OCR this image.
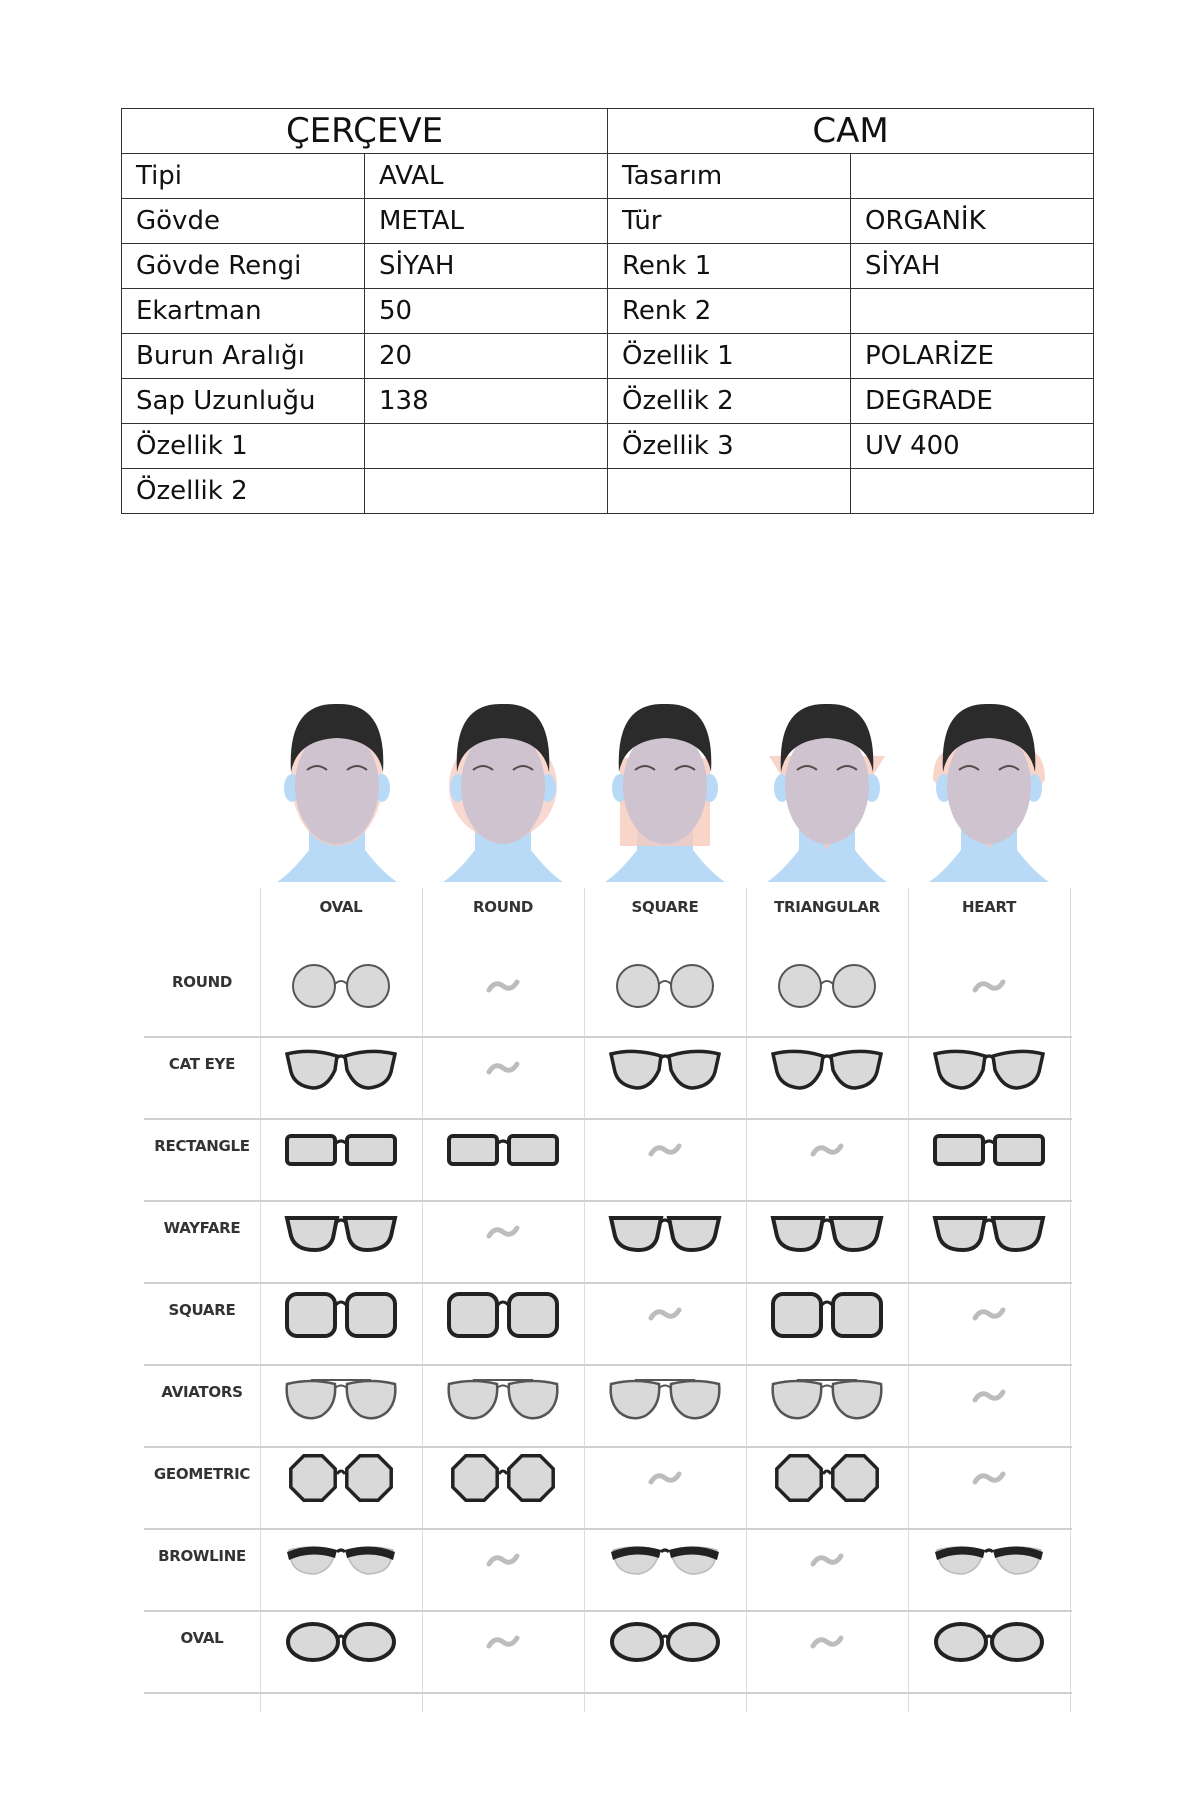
ÇERÇEVE		CAM	
Tipi	AVAL	Tasarım	
Gövde	METAL	Tür	ORGANİK
Gövde Rengi	SİYAH	Renk 1	SİYAH
Ekartman	50	Renk 2	
Burun Aralığı	20	Özellik 1	POLARİZE
Sap Uzunluğu	138	Özellik 2	DEGRADE
Özellik 1		Özellik 3	UV 400
Özellik 2			
OVAL	ROUND	SQUARE	TRIANGULAR	HEART
ROUND
CAT EYE
RECTANGLE
WAYFARE
SQUARE
AVIATORS
GEOMETRIC
BROWLINE
OVAL
